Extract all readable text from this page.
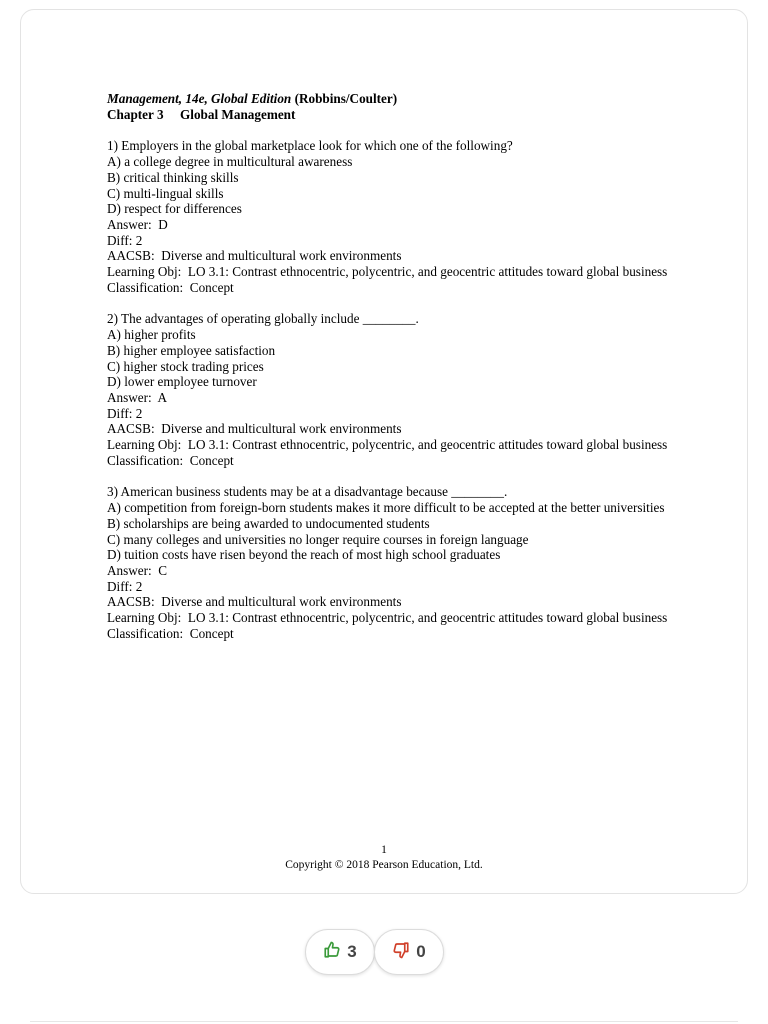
Management, 14e, Global Edition (Robbins/Coulter)
Chapter 3  Global Management
1) Employers in the global marketplace look for which one of the following?
A) a college degree in multicultural awareness
B) critical thinking skills
C) multi-lingual skills
D) respect for differences
Answer:  D
Diff: 2
AACSB:  Diverse and multicultural work environments
Learning Obj:  LO 3.1: Contrast ethnocentric, polycentric, and geocentric attitudes toward global business
Classification:  Concept
2) The advantages of operating globally include ________.
A) higher profits
B) higher employee satisfaction
C) higher stock trading prices
D) lower employee turnover
Answer:  A
Diff: 2
AACSB:  Diverse and multicultural work environments
Learning Obj:  LO 3.1: Contrast ethnocentric, polycentric, and geocentric attitudes toward global business
Classification:  Concept
3) American business students may be at a disadvantage because ________.
A) competition from foreign-born students makes it more difficult to be accepted at the better universities
B) scholarships are being awarded to undocumented students
C) many colleges and universities no longer require courses in foreign language
D) tuition costs have risen beyond the reach of most high school graduates
Answer:  C
Diff: 2
AACSB:  Diverse and multicultural work environments
Learning Obj:  LO 3.1: Contrast ethnocentric, polycentric, and geocentric attitudes toward global business
Classification:  Concept
1
Copyright © 2018 Pearson Education, Ltd.
3	0
